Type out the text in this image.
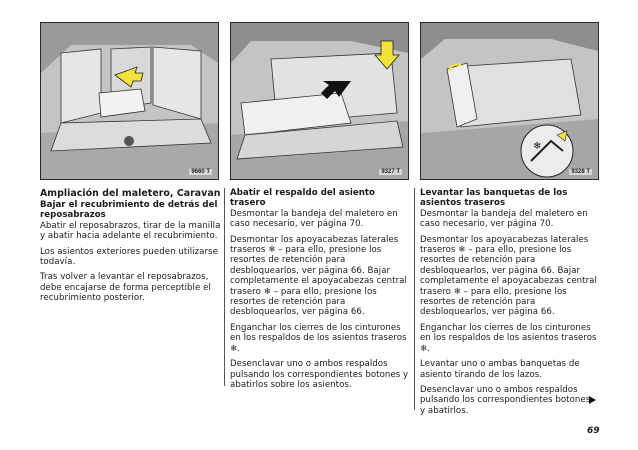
9660 T	9327 T
❄
9328 T
Ampliación del maletero, Caravan
Bajar el recubrimiento de detrás del reposabrazos

Abatir el reposabrazos, tirar de la manilla y abatir hacia adelante el recubrimiento.

Los asientos exteriores pueden utilizarse todavía.

Tras volver a levantar el reposabrazos, debe encajarse de forma perceptible el recubrimiento posterior.

Abatir el respaldo del asiento trasero

Desmontar la bandeja del maletero en caso necesario, ver página 70.

Desmontar los apoyacabezas laterales traseros ❄ – para ello, presione los resortes de retención para desbloquearlos, ver página 66. Bajar completamente el apoyacabezas central trasero ❄ – para ello, presione los resortes de retención para desbloquearlos, ver página 66.

Enganchar los cierres de los cinturones en los respaldos de los asientos traseros ❄.

Desenclavar uno o ambos respaldos pulsando los correspondientes botones y abatirlos sobre los asientos.

Levantar las banquetas de los asientos traseros

Desmontar la bandeja del maletero en caso necesario, ver página 70.

Desmontar los apoyacabezas laterales traseros ❄ – para ello, presione los resortes de retención para desbloquearlos, ver página 66. Bajar completamente el apoyacabezas central trasero ❄ – para ello, presione los resortes de retención para desbloquearlos, ver página 66.

Enganchar los cierres de los cinturones en los respaldos de los asientos traseros ❄.

Levantar uno o ambas banquetas de asiento tirando de los lazos.

Desenclavar uno o ambos respaldos pulsando los correspondientes botones y abatirlos.

69
